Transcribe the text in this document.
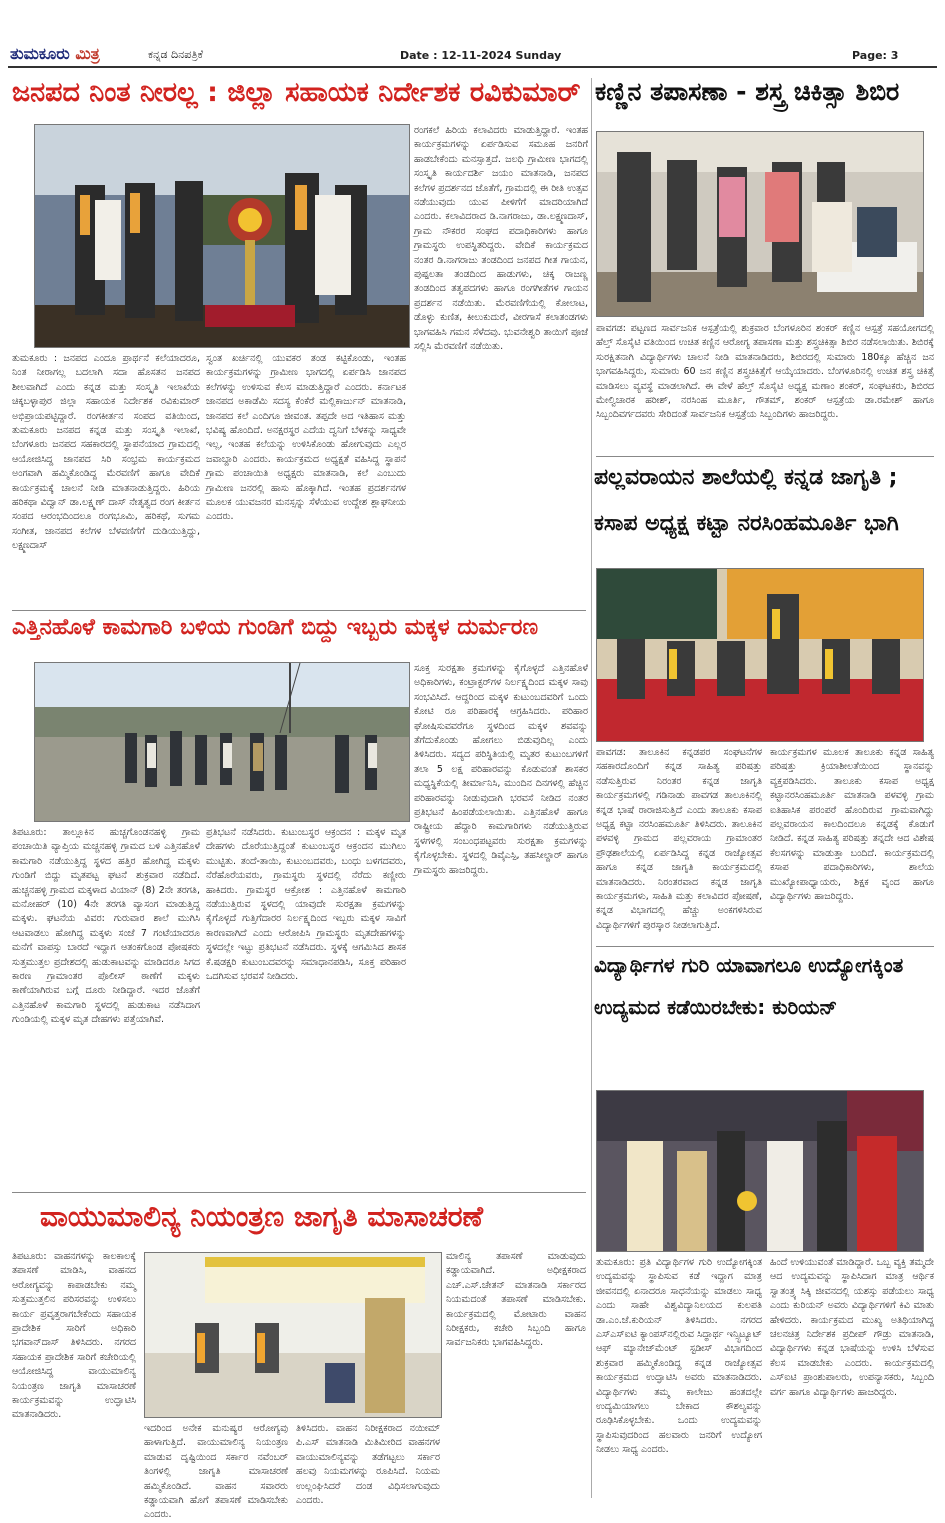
ತುಮಕೂರು ಮಿತ್ರ	ಕನ್ನಡ ದಿನಪತ್ರಿಕೆ	Date : 12-11-2024 Sunday	Page: 3
ಜನಪದ ನಿಂತ ನೀರಲ್ಲ : ಜಿಲ್ಲಾ ಸಹಾಯಕ ನಿರ್ದೇಶಕ ರವಿಕುಮಾರ್
ತುಮಕೂರು : ಜನಪದ ಎಂದೂ ಪ್ರಾರ್ಥನೆ ಕಲೆಯಾದರೂ, ನಿಂತ ನೀರಾಗಲ್ಲ ಬದಲಾಗಿ ಸದಾ ಹೊಸತನ ಜನಪದ ಶೀಲವಾಗಿದೆ ಎಂದು ಕನ್ನಡ ಮತ್ತು ಸಂಸ್ಕೃತಿ ಇಲಾಖೆಯ ಚಿಕ್ಕಬಳ್ಳಾಪುರ ಜಿಲ್ಲಾ ಸಹಾಯಕ ನಿರ್ದೇಶಕ ರವಿಕುಮಾರ್ ಅಭಿಪ್ರಾಯಪಟ್ಟಿದ್ದಾರೆ. ರಂಗಕೀರ್ತನ ಸಂಪದ ವತಿಯಿಂದ, ತುಮಕೂರು ಜನಪದ ಕನ್ನಡ ಮತ್ತು ಸಂಸ್ಕೃತಿ ಇಲಾಖೆ, ಬೆಂಗಳೂರು ಜನಪದ ಸಹಕಾರದಲ್ಲಿ ಸ್ಥಾಪನೆಯಾದ ಗ್ರಾಮದಲ್ಲಿ ಆಯೋಜಿಸಿದ್ದ ಜಾನಪದ ಸಿರಿ ಸಂಭ್ರಮ ಕಾರ್ಯಕ್ರಮದ ಅಂಗವಾಗಿ ಹಮ್ಮಿಕೊಂಡಿದ್ದ ಮೆರವಣಿಗೆ ಹಾಗೂ ವೇದಿಕೆ ಕಾರ್ಯಕ್ರಮಕ್ಕೆ ಚಾಲನೆ ನೀಡಿ ಮಾತನಾಡುತ್ತಿದ್ದರು. ಹಿರಿಯ ಹರಿಕಥಾ ವಿದ್ವಾನ್ ಡಾ.ಲಕ್ಷ್ಮಣ್ ದಾಸ್ ನೇತೃತ್ವದ ರಂಗ ಕೀರ್ತನ ಸಂಪದ ಆರಂಭದಿಂದಲೂ ರಂಗಭೂಮಿ, ಹರಿಕಥೆ, ಸುಗಮ ಸಂಗೀತ, ಜಾನಪದ ಕಲೆಗಳ ಬೆಳವಣಿಗೆಗೆ ದುಡಿಯುತ್ತಿದ್ದು, ಲಕ್ಷ್ಮಣದಾಸ್
ಸ್ವಂತ ಖರ್ಚಿನಲ್ಲಿ ಯುವಕರ ತಂಡ ಕಟ್ಟಿಕೊಂಡು, ಇಂತಹ ಕಾರ್ಯಕ್ರಮಗಳನ್ನು ಗ್ರಾಮೀಣ ಭಾಗದಲ್ಲಿ ಏರ್ಪಡಿಸಿ ಜಾನಪದ ಕಲೆಗಳನ್ನು ಉಳಿಸುವ ಕೆಲಸ ಮಾಡುತ್ತಿದ್ದಾರೆ ಎಂದರು. ಕರ್ನಾಟಕ ಜಾನಪದ ಅಕಾಡೆಮಿ ಸದಸ್ಯ ಕೆಂಕೆರೆ ಮಲ್ಲಿಕಾರ್ಜುನ್ ಮಾತನಾಡಿ, ಜಾನಪದ ಕಲೆ ಎಂದಿಗೂ ಜೀವಂತ. ತಪ್ಪದೇ ಅದ ಇತಿಹಾಸ ಮತ್ತು ಭವಿಷ್ಯ ಹೊಂದಿದೆ. ಅನಕ್ಷರಸ್ಥರ ಎದೆಯ ದ್ವನಿಗೆ ಬೆಳಕನ್ನು ಸಾಧ್ಯವೇ ಇಲ್ಲ, ಇಂತಹ ಕಲೆಯನ್ನು ಉಳಿಸಿಕೊಂಡು ಹೋಗುವುದು ಎಲ್ಲರ ಜವಾಬ್ದಾರಿ ಎಂದರು. ಕಾರ್ಯಕ್ರಮದ ಅಧ್ಯಕ್ಷತೆ ವಹಿಸಿದ್ದ ಸ್ಥಾಪನೆ ಗ್ರಾಮ ಪಂಚಾಯಿತಿ ಅಧ್ಯಕ್ಷರು ಮಾತನಾಡಿ, ಕಲೆ ಎಂಬುದು ಗ್ರಾಮೀಣ ಜನರಲ್ಲಿ ಹಾಸು ಹೊಕ್ಕಾಗಿದೆ. ಇಂತಹ ಪ್ರದರ್ಶನಗಳ ಮೂಲಕ ಯುವಜನರ ಮನಸ್ಸನ್ನು ಸೆಳೆಯುವ ಉದ್ದೇಶ ಶ್ಲಾಘನೀಯ ಎಂದರು.
ರಂಗಕಲೆ ಹಿರಿಯ ಕಲಾವಿದರು ಮಾಡುತ್ತಿದ್ದಾರೆ. ಇಂತಹ ಕಾರ್ಯಕ್ರಮಗಳನ್ನು ಏರ್ಪಡಿಸುವ ಸಮೂಹ ಜನರಿಗೆ ಹಾಡಬೇಕೆಂದು ಮನಸ್ಸಾತ್ತದೆ. ಜಲಧಿ ಗ್ರಾಮೀಣ ಭಾಗದಲ್ಲಿ ಸಂಸ್ಕೃತಿ ಕಾರ್ಯದರ್ಶಿ ಜಯಂ ಮಾತನಾಡಿ, ಜನಪದ ಕಲೆಗಳ ಪ್ರದರ್ಶನದ ಜೊತೆಗೆ, ಗ್ರಾಮದಲ್ಲಿ ಈ ರೀತಿ ಉತ್ಸವ ನಡೆಯುವುದು ಯುವ ಪೀಳಿಗೆಗೆ ಮಾದರಿಯಾಗಿದೆ ಎಂದರು. ಕಲಾವಿದರಾದ ಡಿ.ನಾಗರಾಜು, ಡಾ.ಲಕ್ಷ್ಮಣದಾಸ್, ಗ್ರಾಮ ನೌಕರರ ಸಂಘದ ಪದಾಧಿಕಾರಿಗಳು ಹಾಗೂ ಗ್ರಾಮಸ್ಥರು ಉಪಸ್ಥಿತರಿದ್ದರು. ವೇದಿಕೆ ಕಾರ್ಯಕ್ರಮದ ನಂತರ ಡಿ.ನಾಗರಾಜು ತಂಡದಿಂದ ಜನಪದ ಗೀತ ಗಾಯನ, ಪುಷ್ಪಲತಾ ತಂಡದಿಂದ ಹಾಡುಗಳು, ಚಿಕ್ಕ ರಾಜಣ್ಣ ತಂಡದಿಂದ ತತ್ವಪದಗಳು ಹಾಗೂ ರಂಗಗೀತೆಗಳ ಗಾಯನ ಪ್ರದರ್ಶನ ನಡೆಯಿತು. ಮೆರವಣಿಗೆಯಲ್ಲಿ ಕೋಲಾಟ, ಡೊಳ್ಳು ಕುಣಿತ, ಕೀಲುಕುದುರೆ, ವೀರಗಾಸೆ ಕಲಾತಂಡಗಳು ಭಾಗವಹಿಸಿ ಗಮನ ಸೆಳೆದವು. ಭುವನೇಶ್ವರಿ ತಾಯಿಗೆ ಪೂಜೆ ಸಲ್ಲಿಸಿ ಮೆರವಣಿಗೆ ನಡೆಯಿತು.
ಕಣ್ಣಿನ ತಪಾಸಣಾ - ಶಸ್ತ್ರ ಚಿಕಿತ್ಸಾ ಶಿಬಿರ
ಪಾವಗಡ: ಪಟ್ಟಣದ ಸಾರ್ವಜನಿಕ ಆಸ್ಪತ್ರೆಯಲ್ಲಿ ಶುಕ್ರವಾರ ಬೆಂಗಳೂರಿನ ಶಂಕರ್ ಕಣ್ಣಿನ ಆಸ್ಪತ್ರೆ ಸಹಯೋಗದಲ್ಲಿ ಹೆಲ್ತ್ ಸೊಸೈಟಿ ವತಿಯಿಂದ ಉಚಿತ ಕಣ್ಣಿನ ಆರೋಗ್ಯ ತಪಾಸಣಾ ಮತ್ತು ಶಸ್ತ್ರಚಿಕಿತ್ಸಾ ಶಿಬಿರ ನಡೆಸಲಾಯಿತು. ಶಿಬಿರಕ್ಕೆ ಸುರಕ್ಷಿತನಾಗಿ ವಿದ್ಯಾರ್ಥಿಗಳು ಚಾಲನೆ ನೀಡಿ ಮಾತನಾಡಿದರು, ಶಿಬಿರದಲ್ಲಿ ಸುಮಾರು 180ಕ್ಕೂ ಹೆಚ್ಚಿನ ಜನ ಭಾಗವಹಿಸಿದ್ದರು, ಸುಮಾರು 60 ಜನ ಕಣ್ಣಿನ ಶಸ್ತ್ರಚಿಕಿತ್ಸೆಗೆ ಆಯ್ಕೆಯಾದರು. ಬೆಂಗಳೂರಿನಲ್ಲಿ ಉಚಿತ ಶಸ್ತ್ರ ಚಿಕಿತ್ಸೆ ಮಾಡಿಸಲು ವ್ಯವಸ್ಥೆ ಮಾಡಲಾಗಿದೆ. ಈ ವೇಳೆ ಹೆಲ್ತ್ ಸೊಸೈಟಿ ಅಧ್ಯಕ್ಷ ಮಣಾಂ ಶಂಕರ್, ಸಂಘಟಕರು, ಶಿಬಿರದ ಮೇಲ್ವಿಚಾರಕ ಹರೀಶ್, ನರಸಿಂಹ ಮೂರ್ತಿ, ಗೌತಮ್, ಶಂಕರ್ ಆಸ್ಪತ್ರೆಯ ಡಾ.ರಮೇಶ್ ಹಾಗೂ ಸಿಬ್ಬಂದಿವರ್ಗದವರು ಸೇರಿದಂತೆ ಸಾರ್ವಜನಿಕ ಆಸ್ಪತ್ರೆಯ ಸಿಬ್ಬಂದಿಗಳು ಹಾಜರಿದ್ದರು.
ಪಲ್ಲವರಾಯನ ಶಾಲೆಯಲ್ಲಿ ಕನ್ನಡ ಜಾಗೃತಿ ;
ಕಸಾಪ ಅಧ್ಯಕ್ಷ ಕಟ್ಟಾ ನರಸಿಂಹಮೂರ್ತಿ ಭಾಗಿ
ಪಾವಗಡ: ತಾಲೂಕಿನ ಕನ್ನಡಪರ ಸಂಘಟನೆಗಳ ಸಹಕಾರದೊಂದಿಗೆ ಕನ್ನಡ ಸಾಹಿತ್ಯ ಪರಿಷತ್ತು ನಡೆಸುತ್ತಿರುವ ನಿರಂತರ ಕನ್ನಡ ಜಾಗೃತಿ ಕಾರ್ಯಕ್ರಮಗಳಲ್ಲಿ ಗಡಿನಾಡು ಪಾವಗಡ ತಾಲೂಕಿನಲ್ಲಿ ಕನ್ನಡ ಭಾಷೆ ರಾರಾಜಿಸುತ್ತಿದೆ ಎಂದು ತಾಲೂಕು ಕಸಾಪ ಅಧ್ಯಕ್ಷ ಕಟ್ಟಾ ನರಸಿಂಹಮೂರ್ತಿ ತಿಳಿಸಿದರು. ತಾಲೂಕಿನ ಪಳವಳ್ಳಿ ಗ್ರಾಮದ ಪಲ್ಲವರಾಯ ಗ್ರಾಮಾಂತರ ಪ್ರೌಢಶಾಲೆಯಲ್ಲಿ ಏರ್ಪಡಿಸಿದ್ದ ಕನ್ನಡ ರಾಜ್ಯೋತ್ಸವ ಹಾಗೂ ಕನ್ನಡ ಜಾಗೃತಿ ಕಾರ್ಯಕ್ರಮದಲ್ಲಿ ಮಾತನಾಡಿದರು. ನಿರಂತರವಾದ ಕನ್ನಡ ಜಾಗೃತಿ ಕಾರ್ಯಕ್ರಮಗಳು, ಸಾಹಿತಿ ಮತ್ತು ಕಲಾವಿದರ ಪೋಷಣೆ, ಕನ್ನಡ ವಿಭಾಗದಲ್ಲಿ ಹೆಚ್ಚು ಅಂಕಗಳಿಸಿರುವ ವಿದ್ಯಾರ್ಥಿಗಳಿಗೆ ಪುರಸ್ಕಾರ ನೀಡಲಾಗುತ್ತಿದೆ.
ಕಾರ್ಯಕ್ರಮಗಳ ಮೂಲಕ ತಾಲೂಕು ಕನ್ನಡ ಸಾಹಿತ್ಯ ಪರಿಷತ್ತು ಕ್ರಿಯಾಶೀಲತೆಯಿಂದ ಸ್ಥಾನವನ್ನು ವ್ಯಕ್ತಪಡಿಸಿದರು. ತಾಲೂಕು ಕಸಾಪ ಅಧ್ಯಕ್ಷ ಕಟ್ಟಾನರಸಿಂಹಮೂರ್ತಿ ಮಾತನಾಡಿ ಪಳವಳ್ಳಿ ಗ್ರಾಮ ಐತಿಹಾಸಿಕ ಪರಂಪರೆ ಹೊಂದಿರುವ ಗ್ರಾಮವಾಗಿದ್ದು ಪಲ್ಲವರಾಯನ ಕಾಲದಿಂದಲೂ ಕನ್ನಡಕ್ಕೆ ಕೊಡುಗೆ ನೀಡಿದೆ. ಕನ್ನಡ ಸಾಹಿತ್ಯ ಪರಿಷತ್ತು ತನ್ನದೇ ಆದ ವಿಶೇಷ ಕೆಲಸಗಳನ್ನು ಮಾಡುತ್ತಾ ಬಂದಿದೆ. ಕಾರ್ಯಕ್ರಮದಲ್ಲಿ ಕಸಾಪ ಪದಾಧಿಕಾರಿಗಳು, ಶಾಲೆಯ ಮುಖ್ಯೋಪಾಧ್ಯಾಯರು, ಶಿಕ್ಷಕ ವೃಂದ ಹಾಗೂ ವಿದ್ಯಾರ್ಥಿಗಳು ಹಾಜರಿದ್ದರು.
ವಿದ್ಯಾರ್ಥಿಗಳ ಗುರಿ ಯಾವಾಗಲೂ ಉದ್ಯೋಗಕ್ಕಿಂತ
ಉದ್ಯಮದ ಕಡೆಯಿರಬೇಕು: ಕುರಿಯನ್
ತುಮಕೂರು: ಪ್ರತಿ ವಿದ್ಯಾರ್ಥಿಗಳ ಗುರಿ ಉದ್ಯೋಗಕ್ಕಿಂತ ಉದ್ಯಮವನ್ನು ಸ್ಥಾಪಿಸುವ ಕಡೆ ಇದ್ದಾಗ ಮಾತ್ರ ಜೀವನದಲ್ಲಿ ಏನಾದರೂ ಸಾಧನೆಯನ್ನು ಮಾಡಲು ಸಾಧ್ಯ ಎಂದು ಸಾಹೇ ವಿಶ್ವವಿದ್ಯಾನಿಲಯದ ಕುಲಪತಿ ಡಾ.ಎಂ.ಜೆ.ಕುರಿಯನ್ ತಿಳಿಸಿದರು. ನಗರದ ಎಸ್‌ಎಸ್‌ಐಟಿ ಕ್ಯಾಂಪಸ್‌ನಲ್ಲಿರುವ ಸಿದ್ಧಾರ್ಥ ಇನ್ಸ್ಟಿಟ್ಯೂಟ್ ಆಫ್ ಮ್ಯಾನೇಜ್‌ಮೆಂಟ್ ಸ್ಟಡೀಸ್ ವಿಭಾಗದಿಂದ ಶುಕ್ರವಾರ ಹಮ್ಮಿಕೊಂಡಿದ್ದ ಕನ್ನಡ ರಾಜ್ಯೋತ್ಸವ ಕಾರ್ಯಕ್ರಮದ ಉದ್ಘಾಟಿಸಿ ಅವರು ಮಾತನಾಡಿದರು. ವಿದ್ಯಾರ್ಥಿಗಳು ತಮ್ಮ ಕಾಲೇಜು ಹಂತದಲ್ಲೇ ಉದ್ಯಮಿಯಾಗಲು ಬೇಕಾದ ಕೌಶಲ್ಯವನ್ನು ರೂಢಿಸಿಕೊಳ್ಳಬೇಕು. ಒಂದು ಉದ್ಯಮವನ್ನು ಸ್ಥಾಪಿಸುವುದರಿಂದ ಹಲವಾರು ಜನರಿಗೆ ಉದ್ಯೋಗ ನೀಡಲು ಸಾಧ್ಯ ಎಂದರು.
ಹಿಂದೆ ಉಳಿಯುವಂತೆ ಮಾಡಿದ್ದಾರೆ. ಒಬ್ಬ ವ್ಯಕ್ತಿ ತಮ್ಮದೇ ಆದ ಉದ್ಯಮವನ್ನು ಸ್ಥಾಪಿಸಿದಾಗ ಮಾತ್ರ ಆರ್ಥಿಕ ಸ್ವಾತಂತ್ರ್ಯ ಸಿಕ್ಕಿ ಜೀವನದಲ್ಲಿ ಯಶಸ್ಸು ಪಡೆಯಲು ಸಾಧ್ಯ ಎಂದು ಕುರಿಯನ್ ಅವರು ವಿದ್ಯಾರ್ಥಿಗಳಿಗೆ ಕಿವಿ ಮಾತು ಹೇಳಿದರು. ಕಾರ್ಯಕ್ರಮದ ಮುಖ್ಯ ಅತಿಥಿಯಾಗಿದ್ದ ಚಲನಚಿತ್ರ ನಿರ್ದೇಶಕ ಪ್ರದೀಪ್ ಗೌಡ್ರು ಮಾತನಾಡಿ, ವಿದ್ಯಾರ್ಥಿಗಳು ಕನ್ನಡ ಭಾಷೆಯನ್ನು ಉಳಿಸಿ ಬೆಳೆಸುವ ಕೆಲಸ ಮಾಡಬೇಕು ಎಂದರು. ಕಾರ್ಯಕ್ರಮದಲ್ಲಿ ಎಸ್‌ಐಟಿ ಪ್ರಾಂಶುಪಾಲರು, ಉಪನ್ಯಾಸಕರು, ಸಿಬ್ಬಂದಿ ವರ್ಗ ಹಾಗೂ ವಿದ್ಯಾರ್ಥಿಗಳು ಹಾಜರಿದ್ದರು.
ಎತ್ತಿನಹೊಳೆ ಕಾಮಗಾರಿ ಬಳಿಯ ಗುಂಡಿಗೆ ಬಿದ್ದು ಇಬ್ಬರು ಮಕ್ಕಳ ದುರ್ಮರಣ
ತಿಪಟೂರು: ತಾಲ್ಲೂಕಿನ ಹುಚ್ಚಗೊಂಡನಹಳ್ಳಿ ಗ್ರಾಮ ಪಂಚಾಯಿತಿ ವ್ಯಾಪ್ತಿಯ ಮಚ್ಚನಹಳ್ಳಿ ಗ್ರಾಮದ ಬಳಿ ಎತ್ತಿನಹೊಳೆ ಕಾಮಗಾರಿ ನಡೆಯುತ್ತಿದ್ದ ಸ್ಥಳದ ಹತ್ತಿರ ಹೋಗಿದ್ದ ಮಕ್ಕಳು ಗುಂಡಿಗೆ ಬಿದ್ದು ಮೃತಪಟ್ಟ ಘಟನೆ ಶುಕ್ರವಾರ ನಡೆದಿದೆ. ಹುಚ್ಚನಹಳ್ಳಿ ಗ್ರಾಮದ ಮಕ್ಕಳಾದ ವಿಯಾನ್ (8) 2ನೇ ತರಗತಿ, ಮನೋಹರ್ (10) 4ನೇ ತರಗತಿ ವ್ಯಾಸಂಗ ಮಾಡುತ್ತಿದ್ದ ಮಕ್ಕಳು. ಘಟನೆಯ ವಿವರ: ಗುರುವಾರ ಶಾಲೆ ಮುಗಿಸಿ ಆಟವಾಡಲು ಹೋಗಿದ್ದ ಮಕ್ಕಳು ಸಂಜೆ 7 ಗಂಟೆಯಾದರೂ ಮನೆಗೆ ವಾಪಸ್ಸು ಬಾರದೆ ಇದ್ದಾಗ ಆತಂಕಗೊಂಡ ಪೋಷಕರು ಸುತ್ತಮುತ್ತಲ ಪ್ರದೇಶದಲ್ಲಿ ಹುಡುಕಾಟವನ್ನು ಮಾಡಿದರೂ ಸಿಗದ ಕಾರಣ ಗ್ರಾಮಾಂತರ ಪೊಲೀಸ್ ಠಾಣೆಗೆ ಮಕ್ಕಳು ಕಾಣೆಯಾಗಿರುವ ಬಗ್ಗೆ ದೂರು ನೀಡಿದ್ದಾರೆ. ಇದರ ಜೊತೆಗೆ ಎತ್ತಿನಹೊಳೆ ಕಾಮಗಾರಿ ಸ್ಥಳದಲ್ಲಿ ಹುಡುಕಾಟ ನಡೆಸಿದಾಗ ಗುಂಡಿಯಲ್ಲಿ ಮಕ್ಕಳ ಮೃತ ದೇಹಗಳು ಪತ್ತೆಯಾಗಿವೆ.
ಪ್ರತಿಭಟನೆ ನಡೆಸಿದರು. ಕುಟುಂಬಸ್ಥರ ಆಕ್ರಂದನ : ಮಕ್ಕಳ ಮೃತ ದೇಹಗಳು ದೊರೆಯುತ್ತಿದ್ದಂತೆ ಕುಟುಂಬಸ್ಥರ ಆಕ್ರಂದನ ಮುಗಿಲು ಮುಟ್ಟಿತು. ತಂದೆ-ತಾಯಿ, ಕುಟುಂಬದವರು, ಬಂಧು ಬಳಗದವರು, ನೆರೆಹೊರೆಯವರು, ಗ್ರಾಮಸ್ಥರು ಸ್ಥಳದಲ್ಲಿ ನೆರೆದು ಕಣ್ಣೀರು ಹಾಕಿದರು. ಗ್ರಾಮಸ್ಥರ ಆಕ್ರೋಶ : ಎತ್ತಿನಹೊಳೆ ಕಾಮಗಾರಿ ನಡೆಯುತ್ತಿರುವ ಸ್ಥಳದಲ್ಲಿ ಯಾವುದೇ ಸುರಕ್ಷತಾ ಕ್ರಮಗಳನ್ನು ಕೈಗೊಳ್ಳದೆ ಗುತ್ತಿಗೆದಾರರ ನಿರ್ಲಕ್ಷ್ಯದಿಂದ ಇಬ್ಬರು ಮಕ್ಕಳ ಸಾವಿಗೆ ಕಾರಣವಾಗಿದೆ ಎಂದು ಆರೋಪಿಸಿ ಗ್ರಾಮಸ್ಥರು ಮೃತದೇಹಗಳನ್ನು ಸ್ಥಳದಲ್ಲೇ ಇಟ್ಟು ಪ್ರತಿಭಟನೆ ನಡೆಸಿದರು. ಸ್ಥಳಕ್ಕೆ ಆಗಮಿಸಿದ ಶಾಸಕ ಕೆ.ಷಡಕ್ಷರಿ ಕುಟುಂಬದವರನ್ನು ಸಮಾಧಾನಪಡಿಸಿ, ಸೂಕ್ತ ಪರಿಹಾರ ಒದಗಿಸುವ ಭರವಸೆ ನೀಡಿದರು.
ಸೂಕ್ತ ಸುರಕ್ಷತಾ ಕ್ರಮಗಳನ್ನು ಕೈಗೊಳ್ಳದೆ ಎತ್ತಿನಹೊಳೆ ಅಧಿಕಾರಿಗಳು, ಕಂಟ್ರಾಕ್ಟರ್‌ಗಳ ನಿರ್ಲಕ್ಷ್ಯದಿಂದ ಮಕ್ಕಳ ಸಾವು ಸಂಭವಿಸಿದೆ. ಆದ್ದರಿಂದ ಮಕ್ಕಳ ಕುಟುಂಬದವರಿಗೆ ಒಂದು ಕೋಟಿ ರೂ ಪರಿಹಾರಕ್ಕೆ ಆಗ್ರಹಿಸಿದರು. ಪರಿಹಾರ ಘೋಷಿಸುವವರೆಗೂ ಸ್ಥಳದಿಂದ ಮಕ್ಕಳ ಶವವನ್ನು ತೆಗೆದುಕೊಂಡು ಹೋಗಲು ಬಿಡುವುದಿಲ್ಲ ಎಂದು ತಿಳಿಸಿದರು. ಸದ್ಯದ ಪರಿಸ್ಥಿತಿಯಲ್ಲಿ ಮೃತರ ಕುಟುಂಬಗಳಿಗೆ ತಲಾ 5 ಲಕ್ಷ ಪರಿಹಾರವನ್ನು ಕೊಡುವಂತೆ ಶಾಸಕರ ಮಧ್ಯಸ್ಥಿಕೆಯಲ್ಲಿ ತೀರ್ಮಾನಿಸಿ, ಮುಂದಿನ ದಿನಗಳಲ್ಲಿ ಹೆಚ್ಚಿನ ಪರಿಹಾರವನ್ನು ನೀಡುವುದಾಗಿ ಭರವಸೆ ನೀಡಿದ ನಂತರ ಪ್ರತಿಭಟನೆ ಹಿಂಪಡೆಯಲಾಯಿತು. ಎತ್ತಿನಹೊಳೆ ಹಾಗೂ ರಾಷ್ಟ್ರೀಯ ಹೆದ್ದಾರಿ ಕಾಮಗಾರಿಗಳು ನಡೆಯುತ್ತಿರುವ ಸ್ಥಳಗಳಲ್ಲಿ ಸಂಬಂಧಪಟ್ಟವರು ಸುರಕ್ಷತಾ ಕ್ರಮಗಳನ್ನು ಕೈಗೊಳ್ಳಬೇಕು. ಸ್ಥಳದಲ್ಲಿ ಡಿವೈಎಸ್ಪಿ, ತಹಸೀಲ್ದಾರ್ ಹಾಗೂ ಗ್ರಾಮಸ್ಥರು ಹಾಜರಿದ್ದರು.
ವಾಯುಮಾಲಿನ್ಯ ನಿಯಂತ್ರಣ ಜಾಗೃತಿ ಮಾಸಾಚರಣೆ
ತಿಪಟೂರು: ವಾಹನಗಳನ್ನು ಕಾಲಕಾಲಕ್ಕೆ ತಪಾಸಣೆ ಮಾಡಿಸಿ, ವಾಹನದ ಆರೋಗ್ಯವನ್ನು ಕಾಪಾಡಬೇಕು ನಮ್ಮ ಸುತ್ತಮುತ್ತಲಿನ ಪರಿಸರವನ್ನು ಉಳಿಸಲು ಕಾರ್ಯ ಪ್ರವೃತ್ತರಾಗಬೇಕೆಂದು ಸಹಾಯಕ ಪ್ರಾದೇಶಿಕ ಸಾರಿಗೆ ಅಧಿಕಾರಿ ಭಗವಾನ್‌ದಾಸ್ ತಿಳಿಸಿದರು. ನಗರದ ಸಹಾಯಕ ಪ್ರಾದೇಶಿಕ ಸಾರಿಗೆ ಕಚೇರಿಯಲ್ಲಿ ಆಯೋಜಿಸಿದ್ದ ವಾಯುಮಾಲಿನ್ಯ ನಿಯಂತ್ರಣ ಜಾಗೃತಿ ಮಾಸಾಚರಣೆ ಕಾರ್ಯಕ್ರಮವನ್ನು ಉದ್ಘಾಟಿಸಿ ಮಾತನಾಡಿದರು.
ಇದರಿಂದ ಅನೇಕ ಮನುಷ್ಯರ ಆರೋಗ್ಯವು ಹಾಳಾಗುತ್ತಿದೆ. ವಾಯುಮಾಲಿನ್ಯ ನಿಯಂತ್ರಣ ಮಾಡುವ ದೃಷ್ಟಿಯಿಂದ ಸರ್ಕಾರ ನವೆಂಬರ್ ತಿಂಗಳಲ್ಲಿ ಜಾಗೃತಿ ಮಾಸಾಚರಣೆ ಹಮ್ಮಿಕೊಂಡಿದೆ. ವಾಹನ ಸವಾರರು ಕಡ್ಡಾಯವಾಗಿ ಹೊಗೆ ತಪಾಸಣೆ ಮಾಡಿಸಬೇಕು ಎಂದರು.
ತಿಳಿಸಿದರು. ವಾಹನ ನಿರೀಕ್ಷಕರಾದ ನಯೀಮ್ ಪಿ.ಎಸ್ ಮಾತನಾಡಿ ಮಿತಿಮೀರಿದ ವಾಹನಗಳ ವಾಯುಮಾಲಿನ್ಯವನ್ನು ತಡೆಗಟ್ಟಲು ಸರ್ಕಾರ ಹಲವು ನಿಯಮಗಳನ್ನು ರೂಪಿಸಿದೆ. ನಿಯಮ ಉಲ್ಲಂಘಿಸಿದರೆ ದಂಡ ವಿಧಿಸಲಾಗುವುದು ಎಂದರು.
ಮಾಲಿನ್ಯ ತಪಾಸಣೆ ಮಾಡುವುದು ಕಡ್ಡಾಯವಾಗಿದೆ. ಅಧೀಕ್ಷಕರಾದ ಎಚ್.ಎಸ್.ಚೇತನ್ ಮಾತನಾಡಿ ಸರ್ಕಾರದ ನಿಯಮದಂತೆ ತಪಾಸಣೆ ಮಾಡಿಸಬೇಕು. ಕಾರ್ಯಕ್ರಮದಲ್ಲಿ ಮೋಟಾರು ವಾಹನ ನಿರೀಕ್ಷಕರು, ಕಚೇರಿ ಸಿಬ್ಬಂದಿ ಹಾಗೂ ಸಾರ್ವಜನಿಕರು ಭಾಗವಹಿಸಿದ್ದರು.
